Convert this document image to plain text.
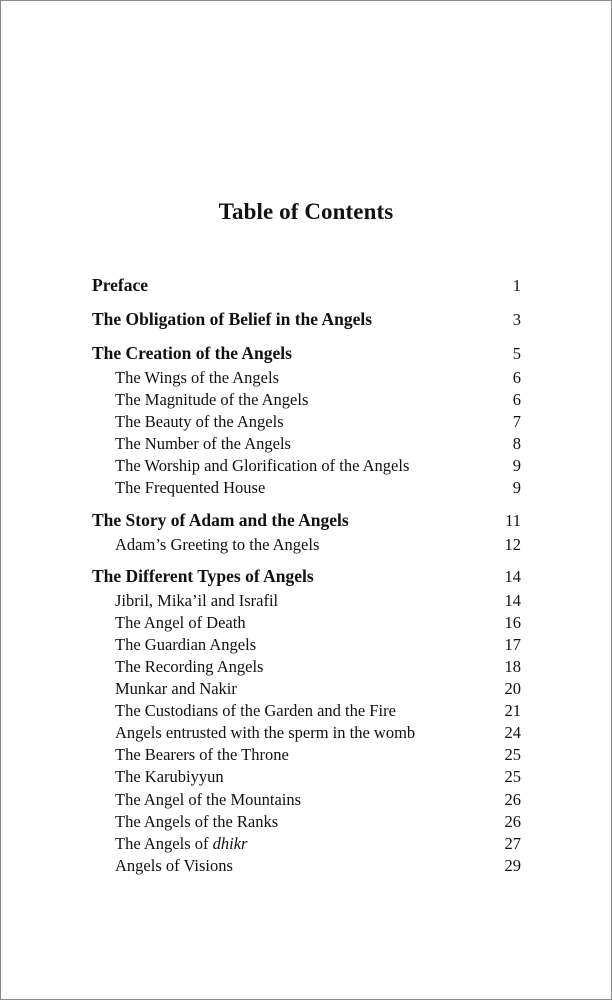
Table of Contents
Preface	1
The Obligation of Belief in the Angels	3
The Creation of the Angels	5
The Wings of the Angels	6
The Magnitude of the Angels	6
The Beauty of the Angels	7
The Number of the Angels	8
The Worship and Glorification of the Angels	9
The Frequented House	9
The Story of Adam and the Angels	11
Adam’s Greeting to the Angels	12
The Different Types of Angels	14
Jibril, Mika’il and Israfil	14
The Angel of Death	16
The Guardian Angels	17
The Recording Angels	18
Munkar and Nakir	20
The Custodians of the Garden and the Fire	21
Angels entrusted with the sperm in the womb	24
The Bearers of the Throne	25
The Karubiyyun	25
The Angel of the Mountains	26
The Angels of the Ranks	26
The Angels of dhikr	27
Angels of Visions	29
